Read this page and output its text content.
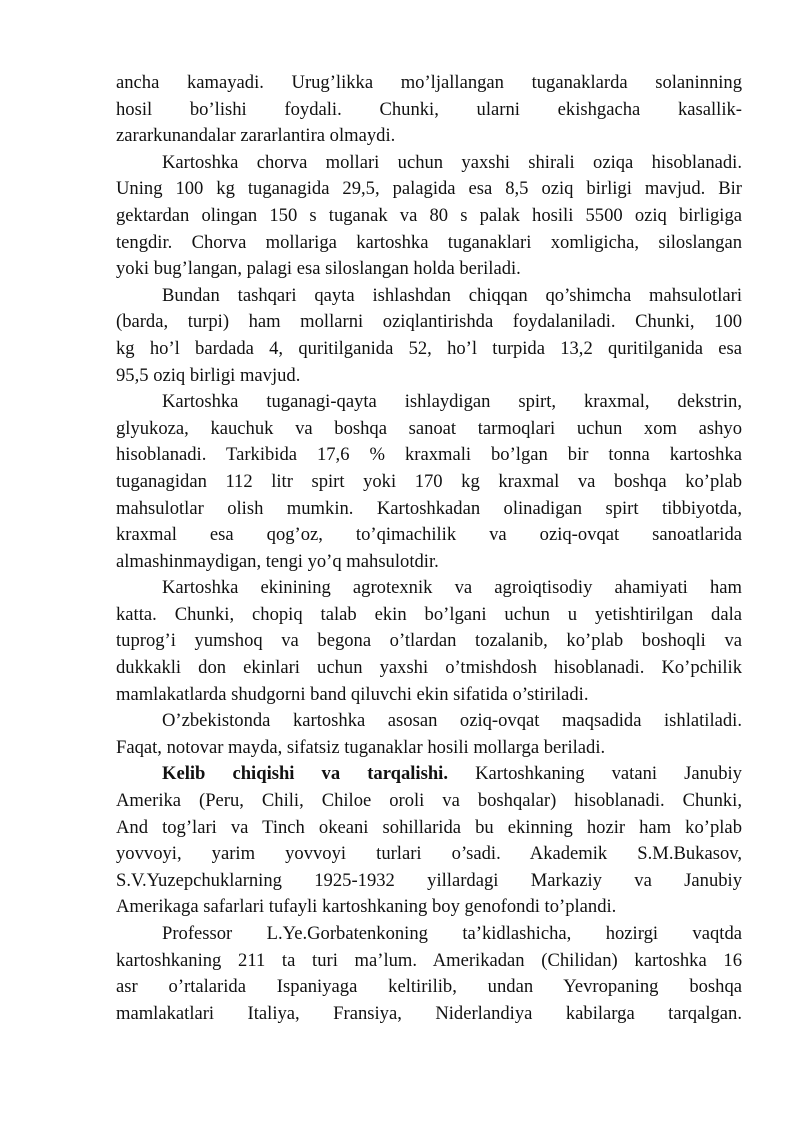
ancha kamayadi. Urug’likka mo’ljallangan tuganaklarda solaninning
hosil bo’lishi foydali. Chunki, ularni ekishgacha kasallik-
zararkunandalar zararlantira olmaydi.
Kartoshka chorva mollari uchun yaxshi shirali oziqa hisoblanadi.
Uning 100 kg tuganagida 29,5, palagida esa 8,5 oziq birligi mavjud. Bir
gektardan olingan 150 s tuganak va 80 s palak hosili 5500 oziq birligiga
tengdir. Chorva mollariga kartoshka tuganaklari xomligicha, siloslangan
yoki bug’langan, palagi esa siloslangan holda beriladi.
Bundan tashqari qayta ishlashdan chiqqan qo’shimcha mahsulotlari
(barda, turpi) ham mollarni oziqlantirishda foydalaniladi. Chunki, 100
kg ho’l bardada 4, quritilganida 52, ho’l turpida 13,2 quritilganida esa
95,5 oziq birligi mavjud.
Kartoshka tuganagi-qayta ishlaydigan spirt, kraxmal, dekstrin,
glyukoza, kauchuk va boshqa sanoat tarmoqlari uchun xom ashyo
hisoblanadi. Tarkibida 17,6 % kraxmali bo’lgan bir tonna kartoshka
tuganagidan 112 litr spirt yoki 170 kg kraxmal va boshqa ko’plab
mahsulotlar olish mumkin. Kartoshkadan olinadigan spirt tibbiyotda,
kraxmal esa qog’oz, to’qimachilik va oziq-ovqat sanoatlarida
almashinmaydigan, tengi yo’q mahsulotdir.
Kartoshka ekinining agrotexnik va agroiqtisodiy ahamiyati ham
katta. Chunki, chopiq talab ekin bo’lgani uchun u yetishtirilgan dala
tuprog’i yumshoq va begona o’tlardan tozalanib, ko’plab boshoqli va
dukkakli don ekinlari uchun yaxshi o’tmishdosh hisoblanadi. Ko’pchilik
mamlakatlarda shudgorni band qiluvchi ekin sifatida o’stiriladi.
O’zbekistonda kartoshka asosan oziq-ovqat maqsadida ishlatiladi.
Faqat, notovar mayda, sifatsiz tuganaklar hosili mollarga beriladi.
Kelib chiqishi va tarqalishi. Kartoshkaning vatani Janubiy
Amerika (Peru, Chili, Chiloe oroli va boshqalar) hisoblanadi. Chunki,
And tog’lari va Tinch okeani sohillarida bu ekinning hozir ham ko’plab
yovvoyi, yarim yovvoyi turlari o’sadi. Akademik S.M.Bukasov,
S.V.Yuzepchuklarning 1925-1932 yillardagi Markaziy va Janubiy
Amerikaga safarlari tufayli kartoshkaning boy genofondi to’plandi.
Professor L.Ye.Gorbatenkoning ta’kidlashicha, hozirgi vaqtda
kartoshkaning 211 ta turi ma’lum. Amerikadan (Chilidan) kartoshka 16
asr o’rtalarida Ispaniyaga keltirilib, undan Yevropaning boshqa
mamlakatlari Italiya, Fransiya, Niderlandiya kabilarga tarqalgan.
